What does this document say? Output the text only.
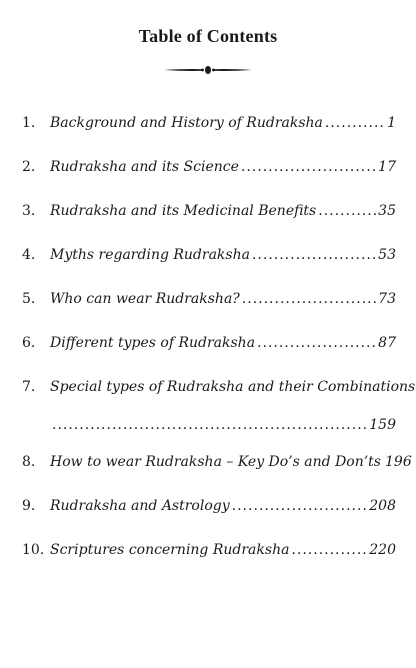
Table of Contents
1.	Background and History of Rudraksha .....	1
2.	Rudraksha and its Science .....	17
3.	Rudraksha and its Medicinal Benefits .....	35
4.	Myths regarding Rudraksha .....	53
5.	Who can wear Rudraksha? .....	73
6.	Different types of Rudraksha .....	87
7.	Special types of Rudraksha and their Combinations
.....
159
8.	How to wear Rudraksha – Key Do’s and Don’ts 196
9.	Rudraksha and Astrology .....	208
10. Scriptures concerning Rudraksha .....	220
